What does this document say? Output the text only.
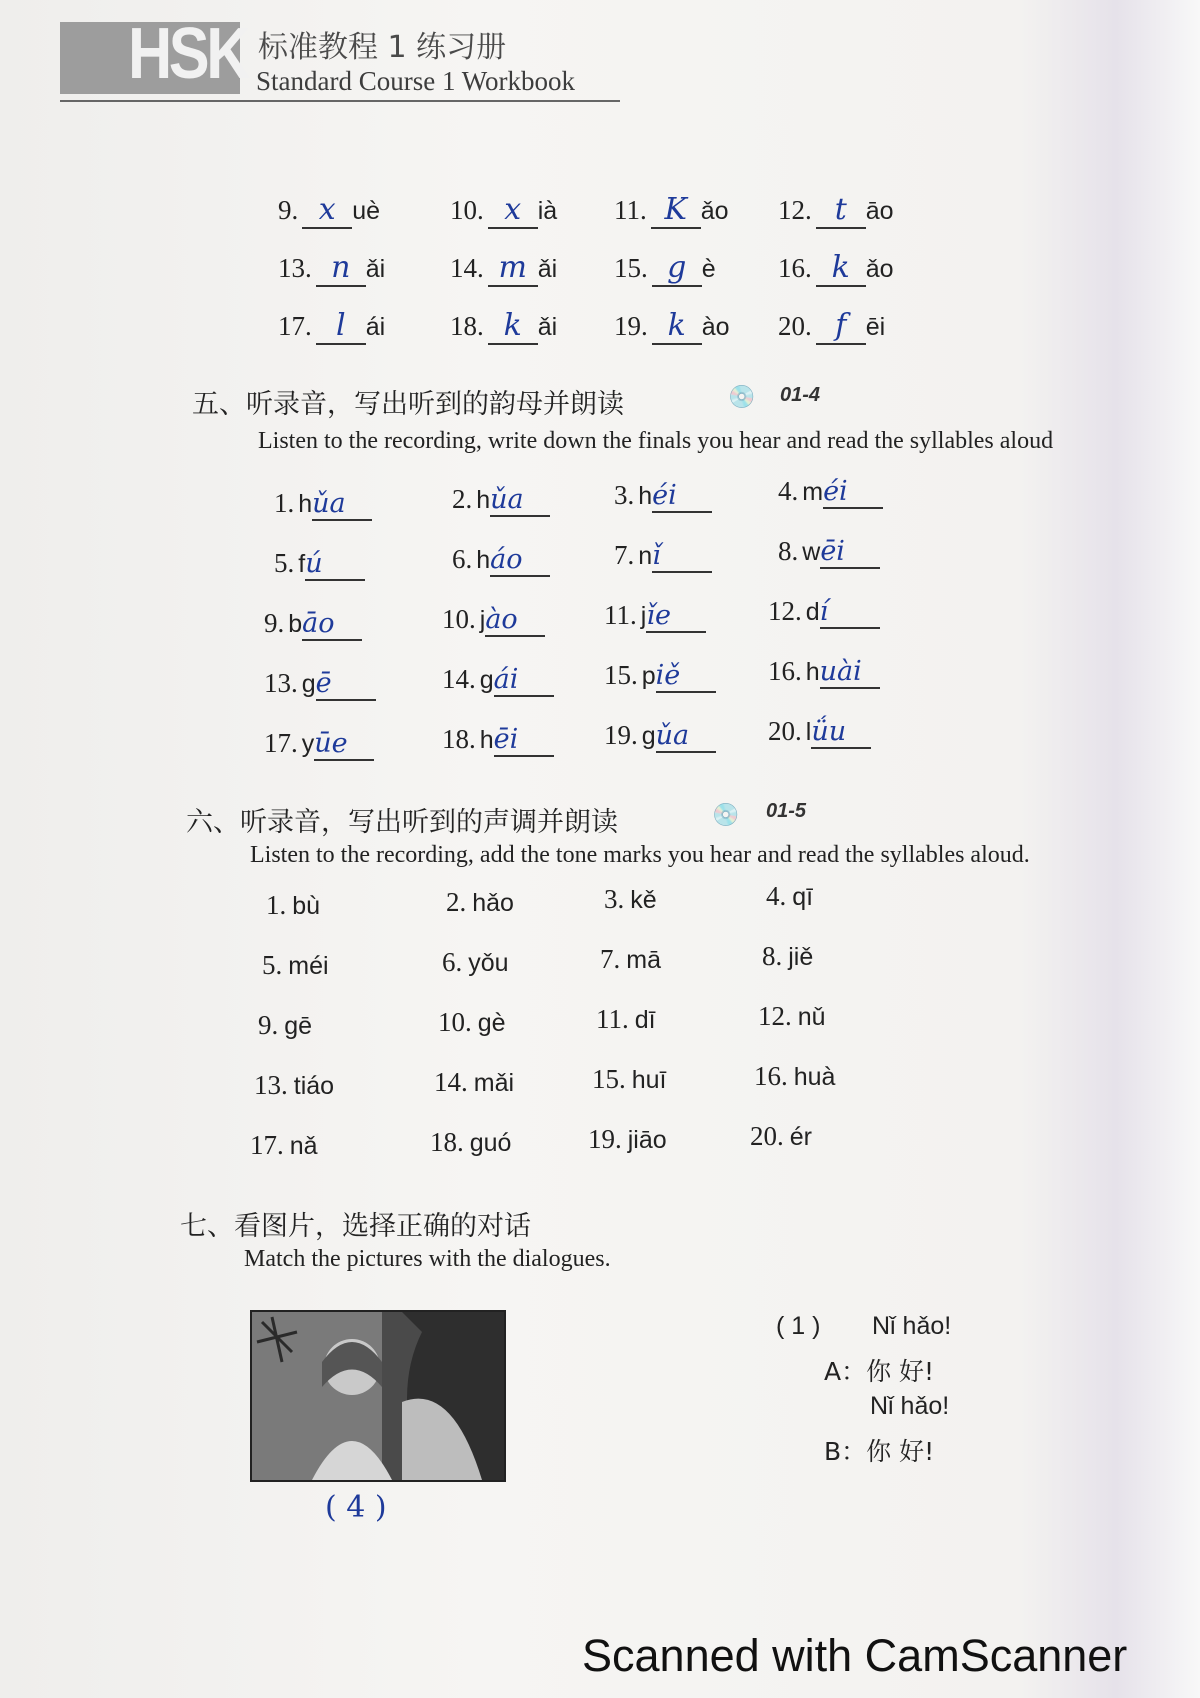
HSK 标准教程 1 练习册
Standard Course 1 Workbook
9. x uè	10. x ià 11. K ǎo 12. t āo
13. n ǎi 14. m ǎi 15. g è 16. k ǎo
17. l ái 18. k ǎi 19. k ào 20. f ēi
五、听录音，写出听到的韵母并朗读	💿 01-4
Listen to the recording, write down the finals you hear and read the syllables aloud
1. hǔa	2. hǔa	3. héi	4. méi
5. fú	6. háo	7. nǐ	8. wēi
9. bāo	10. jào	11. jǐe	12. dí
13. gē	14. gái	15. piě	16. huài
17. yūe	18. hēi	19. gǔa	20. lǘu
六、听录音，写出听到的声调并朗读	💿 01-5
Listen to the recording, add the tone marks you hear and read the syllables aloud.
1. bù	2. hǎo	3. kě	4. qī
5. méi	6. yǒu	7. mā	8. jiě
9. gē	10. gè	11. dī	12. nǔ
13. tiáo	14. mǎi	15. huī	16. huà
17. nǎ	18. guó	19. jiāo	20. ér
七、看图片，选择正确的对话
Match the pictures with the dialogues.
( 4 )
( 1 ) Nǐ hǎo!
A：你 好!
Nǐ hǎo!
B：你 好!
Scanned with CamScanner
